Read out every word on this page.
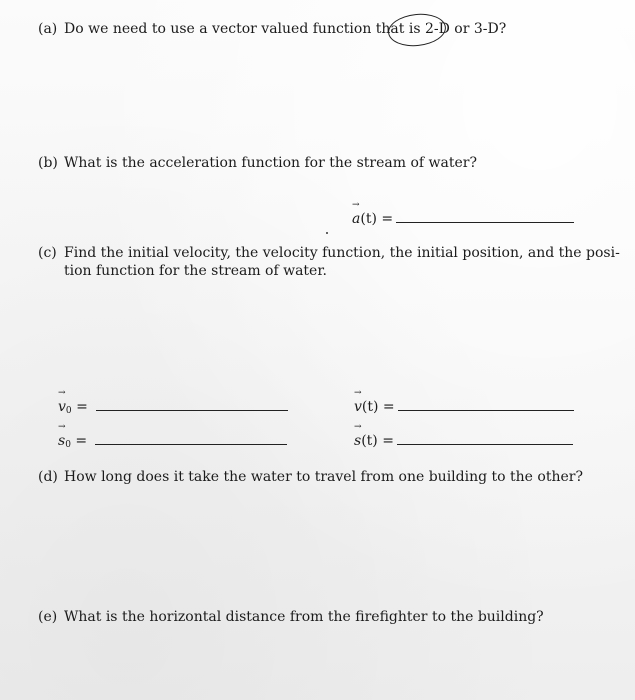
(a) Do we need to use a vector valued function that is 2-D or 3-D?
(b) What is the acceleration function for the stream of water?
→ a(t) =
(c) Find the initial velocity, the velocity function, the initial position, and the posi-
tion function for the stream of water.
→ $v_0$ =	→ v(t) =
→ $s_0$ =	→ s(t) =
(d) How long does it take the water to travel from one building to the other?
(e) What is the horizontal distance from the firefighter to the building?
